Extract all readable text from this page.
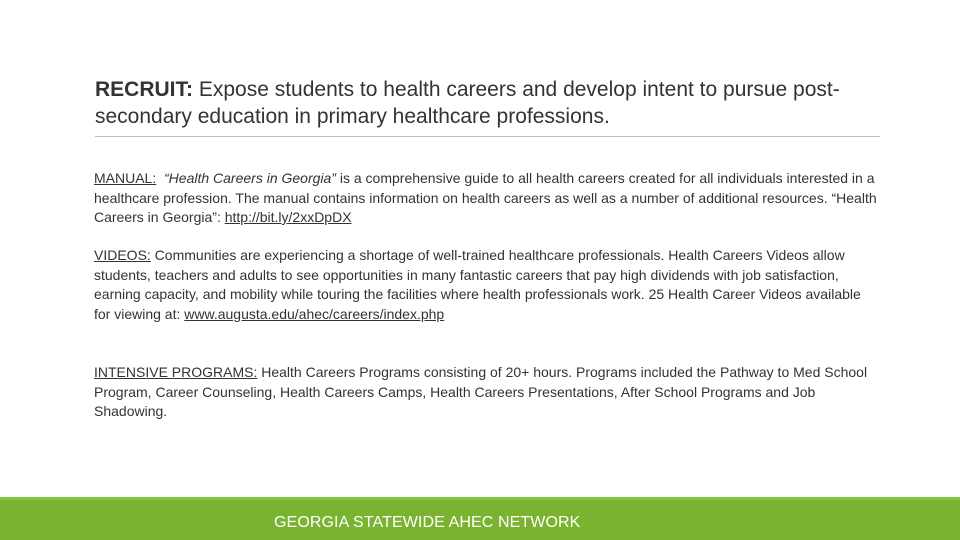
RECRUIT: Expose students to health careers and develop intent to pursue post-secondary education in primary healthcare professions.
MANUAL: “Health Careers in Georgia” is a comprehensive guide to all health careers created for all individuals interested in a healthcare profession. The manual contains information on health careers as well as a number of additional resources. “Health Careers in Georgia”: http://bit.ly/2xxDpDX
VIDEOS: Communities are experiencing a shortage of well-trained healthcare professionals. Health Careers Videos allow students, teachers and adults to see opportunities in many fantastic careers that pay high dividends with job satisfaction, earning capacity, and mobility while touring the facilities where health professionals work. 25 Health Career Videos available for viewing at: www.augusta.edu/ahec/careers/index.php
INTENSIVE PROGRAMS: Health Careers Programs consisting of 20+ hours. Programs included the Pathway to Med School Program, Career Counseling, Health Careers Camps, Health Careers Presentations, After School Programs and Job Shadowing.
GEORGIA STATEWIDE AHEC NETWORK
